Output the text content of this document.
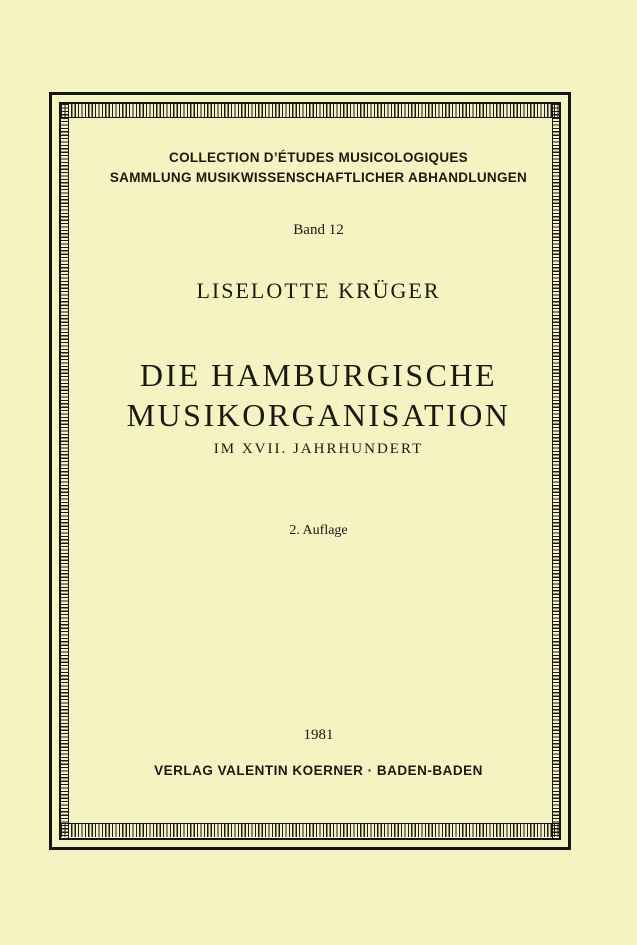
COLLECTION D’ÉTUDES MUSICOLOGIQUES
SAMMLUNG MUSIKWISSENSCHAFTLICHER ABHANDLUNGEN
Band 12
LISELOTTE KRÜGER
DIE HAMBURGISCHE
MUSIKORGANISATION
IM XVII. JAHRHUNDERT
2. Auflage
1981
VERLAG VALENTIN KOERNER · BADEN-BADEN
